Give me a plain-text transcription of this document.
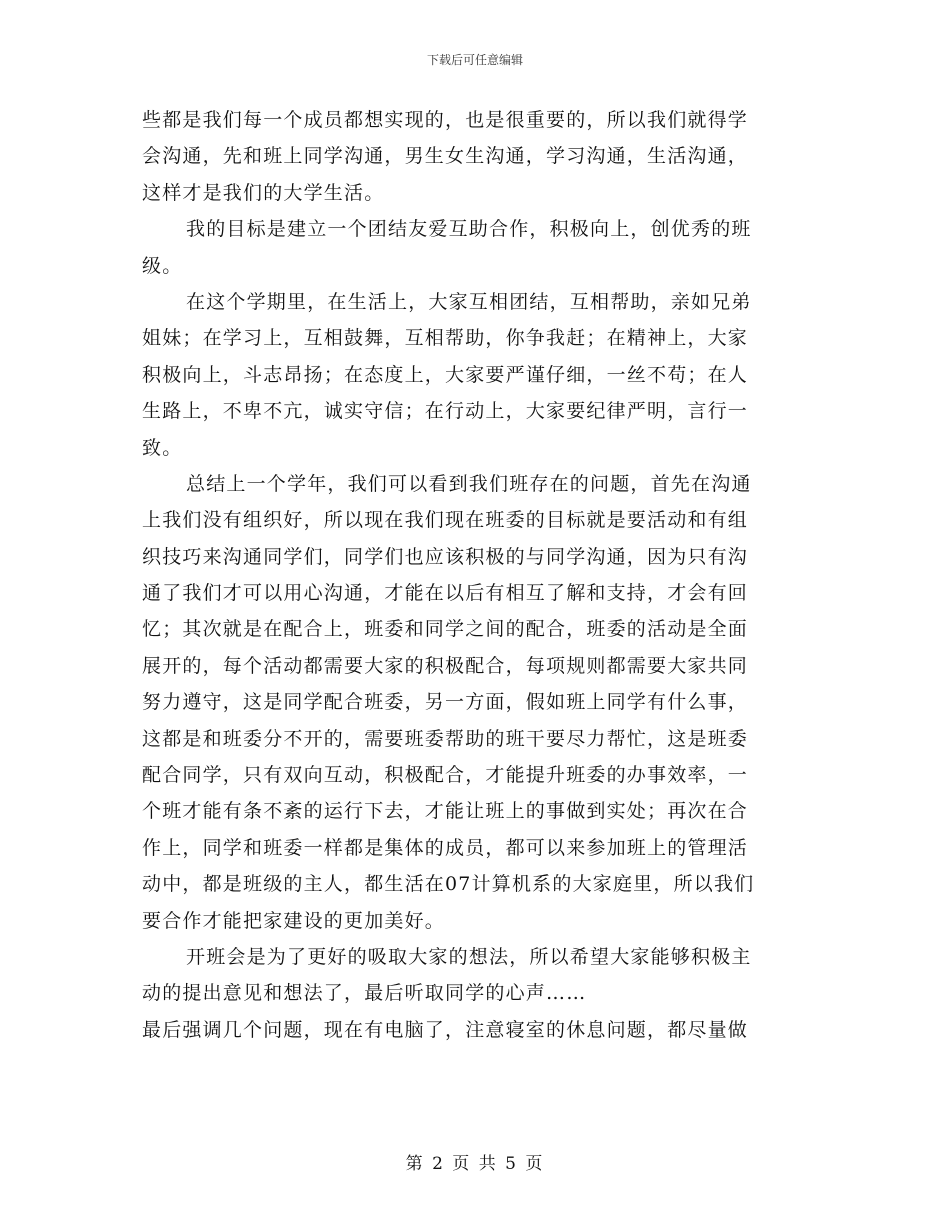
下载后可任意编辑
些都是我们每一个成员都想实现的，也是很重要的，所以我们就得学
会沟通，先和班上同学沟通，男生女生沟通，学习沟通，生活沟通，
这样才是我们的大学生活。
我的目标是建立一个团结友爱互助合作，积极向上，创优秀的班
级。
在这个学期里，在生活上，大家互相团结，互相帮助，亲如兄弟
姐妹；在学习上，互相鼓舞，互相帮助，你争我赶；在精神上，大家
积极向上，斗志昂扬；在态度上，大家要严谨仔细，一丝不苟；在人
生路上，不卑不亢，诚实守信；在行动上，大家要纪律严明，言行一
致。
总结上一个学年，我们可以看到我们班存在的问题，首先在沟通
上我们没有组织好，所以现在我们现在班委的目标就是要活动和有组
织技巧来沟通同学们，同学们也应该积极的与同学沟通，因为只有沟
通了我们才可以用心沟通，才能在以后有相互了解和支持，才会有回
忆；其次就是在配合上，班委和同学之间的配合，班委的活动是全面
展开的，每个活动都需要大家的积极配合，每项规则都需要大家共同
努力遵守，这是同学配合班委，另一方面，假如班上同学有什么事，
这都是和班委分不开的，需要班委帮助的班干要尽力帮忙，这是班委
配合同学，只有双向互动，积极配合，才能提升班委的办事效率，一
个班才能有条不紊的运行下去，才能让班上的事做到实处；再次在合
作上，同学和班委一样都是集体的成员，都可以来参加班上的管理活
动中，都是班级的主人，都生活在07计算机系的大家庭里，所以我们
要合作才能把家建设的更加美好。
开班会是为了更好的吸取大家的想法，所以希望大家能够积极主
动的提出意见和想法了，最后听取同学的心声……
最后强调几个问题，现在有电脑了，注意寝室的休息问题，都尽量做
第 2 页 共 5 页
